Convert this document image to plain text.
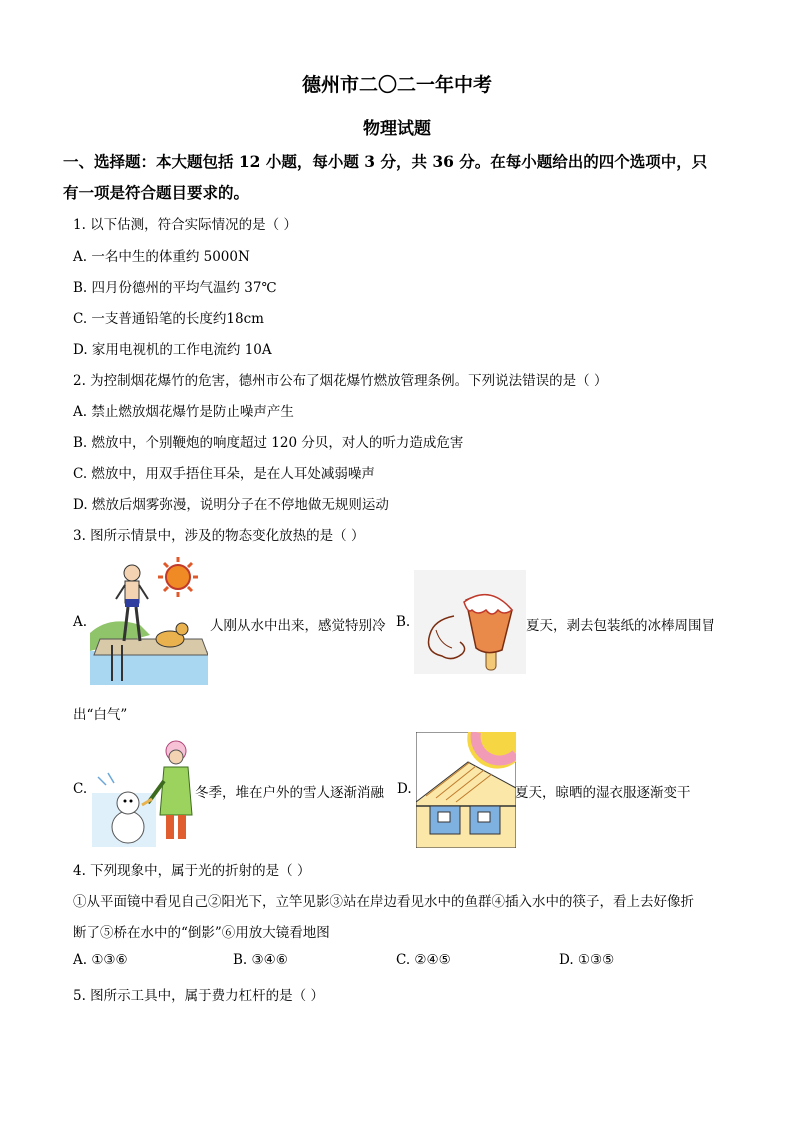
德州市二〇二一年中考
物理试题
一、选择题：本大题包括 12 小题，每小题 3 分，共 36 分。在每小题给出的四个选项中，只
有一项是符合题目要求的。
1. 以下估测，符合实际情况的是（ ）
A. 一名中生的体重约 5000N
B. 四月份德州的平均气温约 37℃
C. 一支普通铅笔的长度约18cm
D. 家用电视机的工作电流约 10A
2. 为控制烟花爆竹的危害，德州市公布了烟花爆竹燃放管理条例。下列说法错误的是（ ）
A. 禁止燃放烟花爆竹是防止噪声产生
B. 燃放中，个别鞭炮的响度超过 120 分贝，对人的听力造成危害
C. 燃放中，用双手捂住耳朵，是在人耳处减弱噪声
D. 燃放后烟雾弥漫，说明分子在不停地做无规则运动
3. 图所示情景中，涉及的物态变化放热的是（ ）
A.	人刚从水中出来，感觉特别冷 B.	夏天，剥去包装纸的冰棒周围冒
出“白气”
C.	冬季，堆在户外的雪人逐渐消融 D.	夏天，晾晒的湿衣服逐渐变干
4. 下列现象中，属于光的折射的是（ ）
①从平面镜中看见自己②阳光下，立竿见影③站在岸边看见水中的鱼群④插入水中的筷子，看上去好像折
断了⑤桥在水中的“倒影”⑥用放大镜看地图
A. ①③⑥	B. ③④⑥	C. ②④⑤	D. ①③⑤
5. 图所示工具中，属于费力杠杆的是（ ）
